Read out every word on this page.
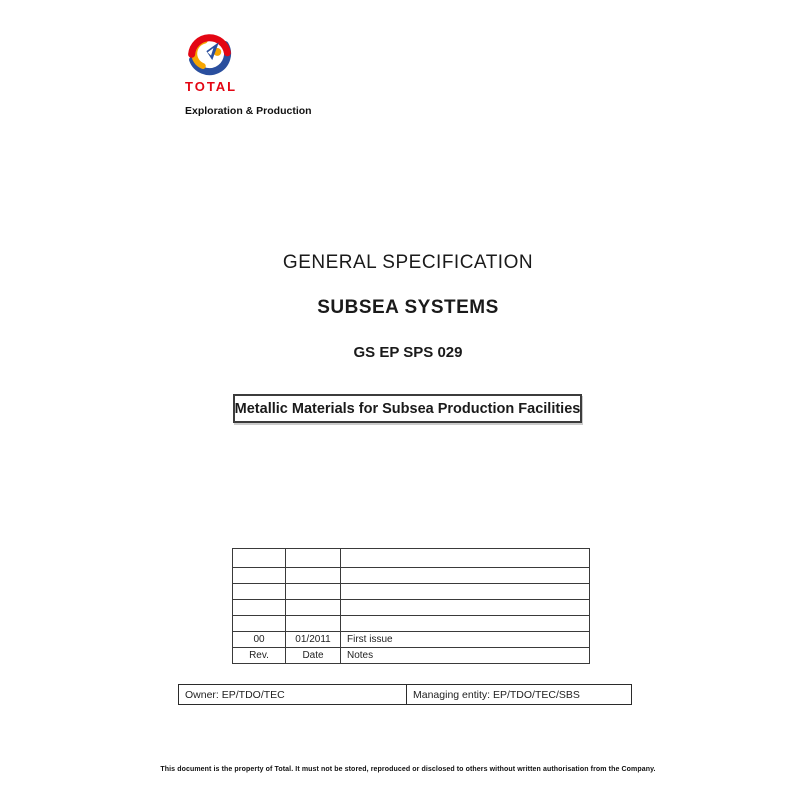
TOTAL
Exploration & Production
GENERAL SPECIFICATION
SUBSEA SYSTEMS
GS EP SPS 029
Metallic Materials for Subsea Production Facilities

00	01/2011	First issue
Rev.	Date	Notes
Owner: EP/TDO/TEC	Managing entity: EP/TDO/TEC/SBS
This document is the property of Total. It must not be stored, reproduced or disclosed to others without written authorisation from the Company.
